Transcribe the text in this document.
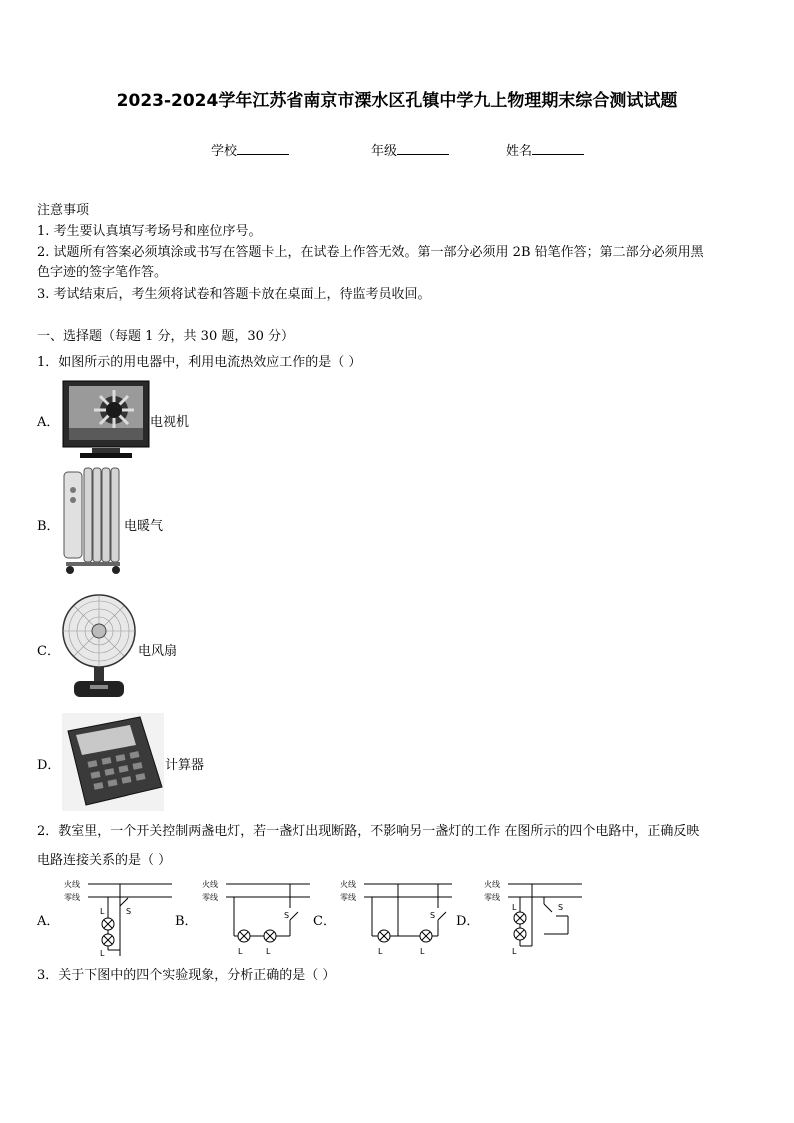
2023-2024学年江苏省南京市溧水区孔镇中学九上物理期末综合测试试题
学校	年级	姓名
注意事项
1. 考生要认真填写考场号和座位序号。
2. 试题所有答案必须填涂或书写在答题卡上，在试卷上作答无效。第一部分必须用 2B 铅笔作答；第二部分必须用黑
色字迹的签字笔作答。
3. 考试结束后，考生须将试卷和答题卡放在桌面上，待监考员收回。
一、选择题（每题 1 分，共 30 题，30 分）
1．如图所示的用电器中，利用电流热效应工作的是（ ）
A．	电视机
B．	电暖气
C．	电风扇
D．	计算器
2．教室里，一个开关控制两盏电灯，若一盏灯出现断路，不影响另一盏灯的工作 在图所示的四个电路中，正确反映
电路连接关系的是（ ）
A．	B．	C．	D．
火线
零线
L
L
S
火线
零线
S
L	L
火线
零线
S
L	L
火线
零线
S
L
L
3．关于下图中的四个实验现象，分析正确的是（ ）
